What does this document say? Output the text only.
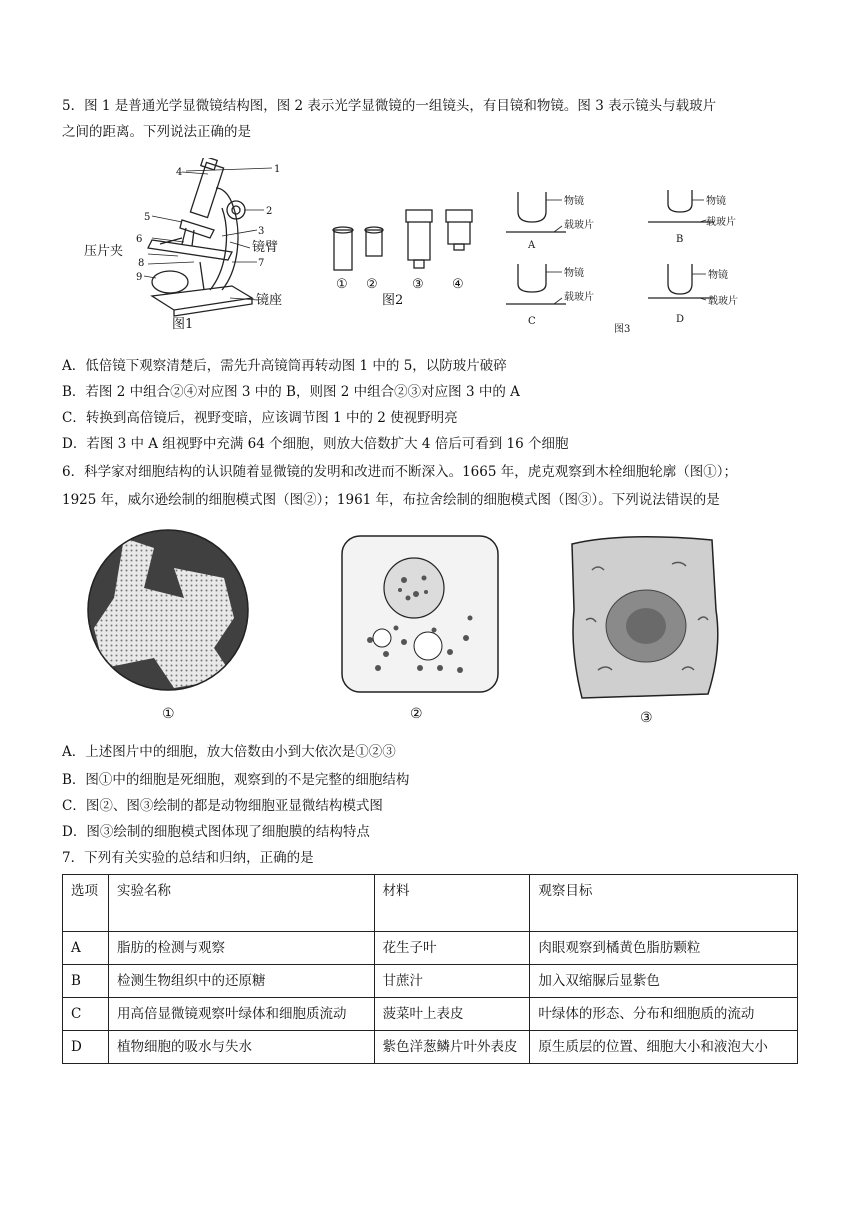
5．图 1 是普通光学显微镜结构图，图 2 表示光学显微镜的一组镜头，有目镜和物镜。图 3 表示镜头与载玻片
之间的距离。下列说法正确的是
1
2
3
4
5
6
7
8
9
压片夹	镜臂
镜座
图1
① ②	③ ④
图2
物镜
载玻片
物镜
载玻片
物镜
载玻片
物镜
载玻片
A
B
C	D
图3
A．低倍镜下观察清楚后，需先升高镜筒再转动图 1 中的 5，以防玻片破碎
B．若图 2 中组合②④对应图 3 中的 B，则图 2 中组合②③对应图 3 中的 A
C．转换到高倍镜后，视野变暗，应该调节图 1 中的 2 使视野明亮
D．若图 3 中 A 组视野中充满 64 个细胞，则放大倍数扩大 4 倍后可看到 16 个细胞
6．科学家对细胞结构的认识随着显微镜的发明和改进而不断深入。1665 年，虎克观察到木栓细胞轮廓（图①）；
1925 年，威尔逊绘制的细胞模式图（图②）；1961 年，布拉舍绘制的细胞模式图（图③）。下列说法错误的是
①	②	③
A．上述图片中的细胞，放大倍数由小到大依次是①②③
B．图①中的细胞是死细胞，观察到的不是完整的细胞结构
C．图②、图③绘制的都是动物细胞亚显微结构模式图
D．图③绘制的细胞模式图体现了细胞膜的结构特点
7．下列有关实验的总结和归纳，正确的是
选项	实验名称	材料	观察目标
A	脂肪的检测与观察	花生子叶	肉眼观察到橘黄色脂肪颗粒
B	检测生物组织中的还原糖	甘蔗汁	加入双缩脲后显紫色
C	用高倍显微镜观察叶绿体和细胞质流动	菠菜叶上表皮	叶绿体的形态、分布和细胞质的流动
D	植物细胞的吸水与失水	紫色洋葱鳞片叶外表皮	原生质层的位置、细胞大小和液泡大小
